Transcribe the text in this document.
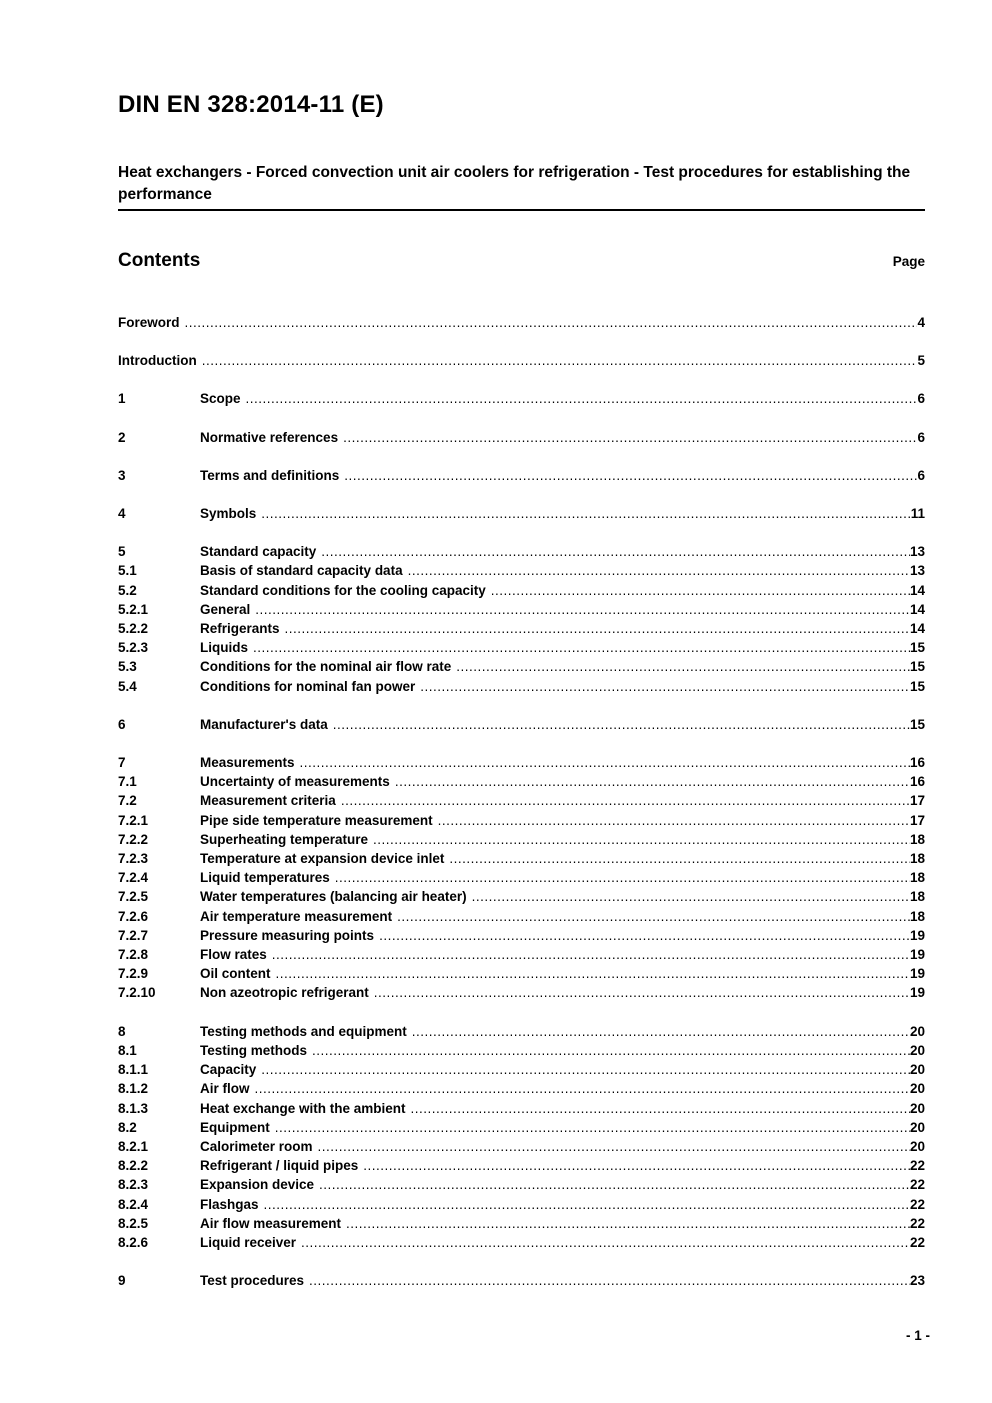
DIN EN 328:2014-11 (E)
Heat exchangers - Forced convection unit air coolers for refrigeration - Test procedures for establishing the performance
Contents	Page
Foreword .....	4
Introduction .....	5
1	Scope .....	6
2	Normative references .....	6
3	Terms and definitions .....	6
4	Symbols .....	11
5	Standard capacity .....	13
5.1	Basis of standard capacity data .....	13
5.2	Standard conditions for the cooling capacity .....	14
5.2.1	General .....	14
5.2.2	Refrigerants .....	14
5.2.3	Liquids .....	15
5.3	Conditions for the nominal air flow rate .....	15
5.4	Conditions for nominal fan power .....	15
6	Manufacturer's data .....	15
7	Measurements .....	16
7.1	Uncertainty of measurements .....	16
7.2	Measurement criteria .....	17
7.2.1	Pipe side temperature measurement .....	17
7.2.2	Superheating temperature .....	18
7.2.3	Temperature at expansion device inlet .....	18
7.2.4	Liquid temperatures .....	18
7.2.5	Water temperatures (balancing air heater) .....	18
7.2.6	Air temperature measurement .....	18
7.2.7	Pressure measuring points .....	19
7.2.8	Flow rates .....	19
7.2.9	Oil content .....	19
7.2.10	Non azeotropic refrigerant .....	19
8	Testing methods and equipment .....	20
8.1	Testing methods .....	20
8.1.1	Capacity .....	20
8.1.2	Air flow .....	20
8.1.3	Heat exchange with the ambient .....	20
8.2	Equipment .....	20
8.2.1	Calorimeter room .....	20
8.2.2	Refrigerant / liquid pipes .....	22
8.2.3	Expansion device .....	22
8.2.4	Flashgas .....	22
8.2.5	Air flow measurement .....	22
8.2.6	Liquid receiver .....	22
9	Test procedures .....	23
- 1 -
